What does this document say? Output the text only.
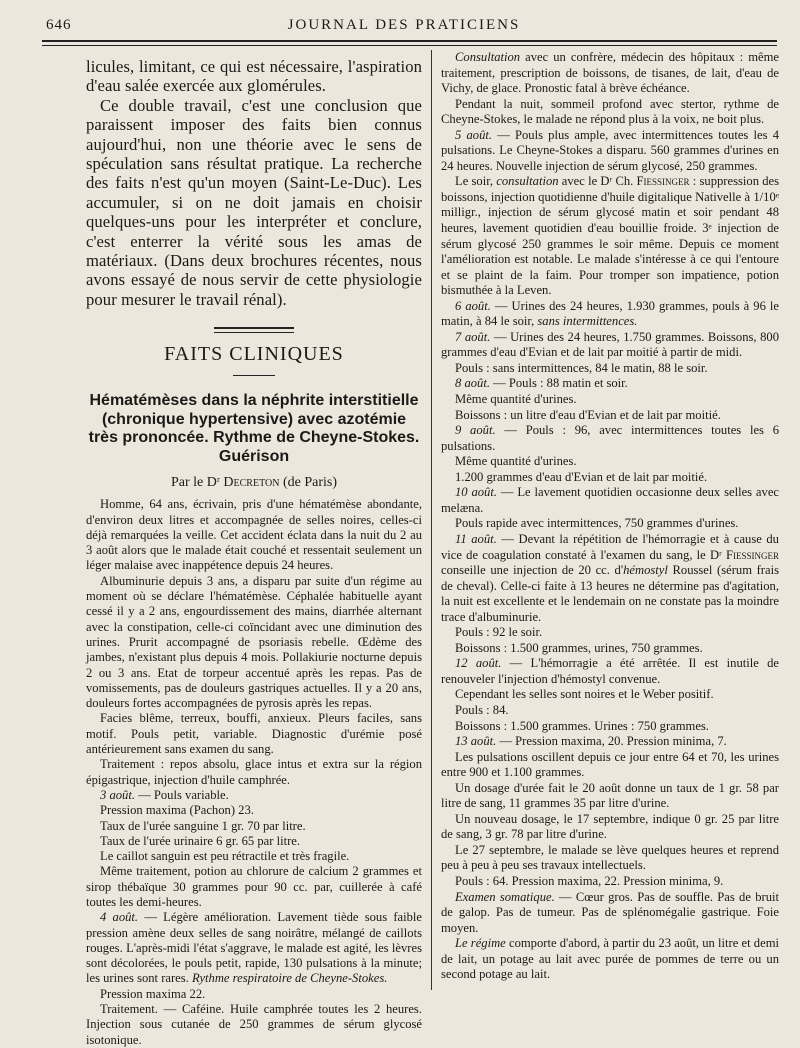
646	JOURNAL DES PRATICIENS

licules, limitant, ce qui est nécessaire, l'aspiration d'eau salée exercée aux glomérules.

Ce double travail, c'est une conclusion que paraissent imposer des faits bien connus aujourd'hui, non une théorie avec le sens de spéculation sans résultat pratique. La recherche des faits n'est qu'un moyen (Saint-Le-Duc). Les accumuler, si on ne doit jamais en choisir quelques-uns pour les interpréter et conclure, c'est enterrer la vérité sous les amas de matériaux. (Dans deux brochures récentes, nous avons essayé de nous servir de cette physiologie pour mesurer le travail rénal).

FAITS CLINIQUES
Hématémèses dans la néphrite interstitielle (chronique hypertensive) avec azotémie très prononcée. Rythme de Cheyne-Stokes. Guérison
Par le Dʳ Decreton (de Paris)

Homme, 64 ans, écrivain, pris d'une hématémèse abondante, d'environ deux litres et accompagnée de selles noires, celles-ci déjà remarquées la veille. Cet accident éclata dans la nuit du 2 au 3 août alors que le malade était couché et ressentait seulement un léger malaise avec inappétence depuis 24 heures.

Albuminurie depuis 3 ans, a disparu par suite d'un régime au moment où se déclare l'hématémèse. Céphalée habituelle ayant cessé il y a 2 ans, engourdissement des mains, diarrhée alternant avec la constipation, celle-ci coïncidant avec une diminution des urines. Prurit accompagné de psoriasis rebelle. Œdème des jambes, n'existant plus depuis 4 mois. Pollakiurie nocturne depuis 2 ou 3 ans. Etat de torpeur accentué après les repas. Pas de vomissements, pas de douleurs gastriques actuelles. Il y a 20 ans, douleurs fortes accompagnées de pyrosis après les repas.

Facies blême, terreux, bouffi, anxieux. Pleurs faciles, sans motif. Pouls petit, variable. Diagnostic d'urémie posé antérieurement sans examen du sang.

Traitement : repos absolu, glace intus et extra sur la région épigastrique, injection d'huile camphrée.

3 août. — Pouls variable.

Pression maxima (Pachon) 23.

Taux de l'urée sanguine 1 gr. 70 par litre.

Taux de l'urée urinaire 6 gr. 65 par litre.

Le caillot sanguin est peu rétractile et très fragile.

Même traitement, potion au chlorure de calcium 2 grammes et sirop thébaïque 30 grammes pour 90 cc. par, cuillerée à café toutes les demi-heures.

4 août. — Légère amélioration. Lavement tiède sous faible pression amène deux selles de sang noirâtre, mélangé de caillots rouges. L'après-midi l'état s'aggrave, le malade est agité, les lèvres sont décolorées, le pouls petit, rapide, 130 pulsations à la minute; les urines sont rares. Rythme respiratoire de Cheyne-Stokes.

Pression maxima 22.

Traitement. — Caféine. Huile camphrée toutes les 2 heures. Injection sous cutanée de 250 grammes de sérum glycosé isotonique.

Consultation avec un confrère, médecin des hôpitaux : même traitement, prescription de boissons, de tisanes, de lait, d'eau de Vichy, de glace. Pronostic fatal à brève échéance.

Pendant la nuit, sommeil profond avec stertor, rythme de Cheyne-Stokes, le malade ne répond plus à la voix, ne boit plus.

5 août. — Pouls plus ample, avec intermittences toutes les 4 pulsations. Le Cheyne-Stokes a disparu. 560 grammes d'urines en 24 heures. Nouvelle injection de sérum glycosé, 250 grammes.

Le soir, consultation avec le Dʳ Ch. Fiessinger : suppression des boissons, injection quotidienne d'huile digitalique Nativelle à 1/10ᵉ milligr., injection de sérum glycosé matin et soir pendant 48 heures, lavement quotidien d'eau bouillie froide. 3ᵉ injection de sérum glycosé 250 grammes le soir même. Depuis ce moment l'amélioration est notable. Le malade s'intéresse à ce qui l'entoure et se plaint de la faim. Pour tromper son impatience, potion bismuthée à la Leven.

6 août. — Urines des 24 heures, 1.930 grammes, pouls à 96 le matin, à 84 le soir, sans intermittences.

7 août. — Urines des 24 heures, 1.750 grammes. Boissons, 800 grammes d'eau d'Evian et de lait par moitié à partir de midi.

Pouls : sans intermittences, 84 le matin, 88 le soir.

8 août. — Pouls : 88 matin et soir.

Même quantité d'urines.

Boissons : un litre d'eau d'Evian et de lait par moitié.

9 août. — Pouls : 96, avec intermittences toutes les 6 pulsations.

Même quantité d'urines.

1.200 grammes d'eau d'Evian et de lait par moitié.

10 août. — Le lavement quotidien occasionne deux selles avec melæna.

Pouls rapide avec intermittences, 750 grammes d'urines.

11 août. — Devant la répétition de l'hémorragie et à cause du vice de coagulation constaté à l'examen du sang, le Dʳ Fiessinger conseille une injection de 20 cc. d'hémostyl Roussel (sérum frais de cheval). Celle-ci faite à 13 heures ne détermine pas d'agitation, la nuit est excellente et le lendemain on ne constate pas la moindre trace d'albuminurie.

Pouls : 92 le soir.

Boissons : 1.500 grammes, urines, 750 grammes.

12 août. — L'hémorragie a été arrêtée. Il est inutile de renouveler l'injection d'hémostyl convenue.

Cependant les selles sont noires et le Weber positif.

Pouls : 84.

Boissons : 1.500 grammes. Urines : 750 grammes.

13 août. — Pression maxima, 20. Pression minima, 7.

Les pulsations oscillent depuis ce jour entre 64 et 70, les urines entre 900 et 1.100 grammes.

Un dosage d'urée fait le 20 août donne un taux de 1 gr. 58 par litre de sang, 11 grammes 35 par litre d'urine.

Un nouveau dosage, le 17 septembre, indique 0 gr. 25 par litre de sang, 3 gr. 78 par litre d'urine.

Le 27 septembre, le malade se lève quelques heures et reprend peu à peu à peu ses travaux intellectuels.

Pouls : 64. Pression maxima, 22. Pression minima, 9.

Examen somatique. — Cœur gros. Pas de souffle. Pas de bruit de galop. Pas de tumeur. Pas de splénomégalie gastrique. Foie moyen.

Le régime comporte d'abord, à partir du 23 août, un litre et demi de lait, un potage au lait avec purée de pommes de terre ou un second potage au lait.
